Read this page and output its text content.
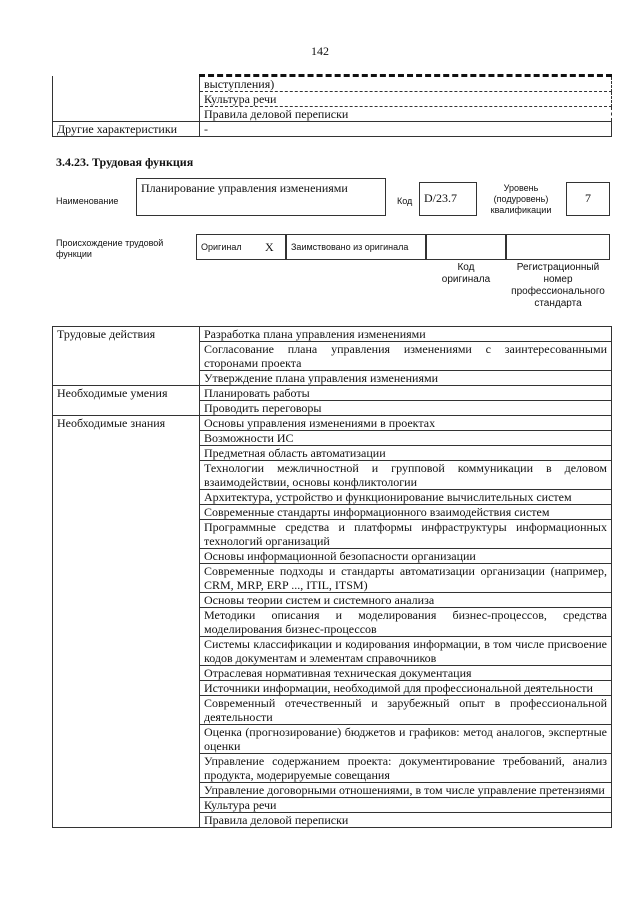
142
	выступления)
	Культура речи
	Правила деловой переписки
Другие характеристики	-
3.4.23. Трудовая функция
Наименование
Планирование управления изменениями
Код D/23.7
Уровень (подуровень) квалификации
7
Происхождение трудовой функции
Оригинал X Заимствовано из оригинала
Код оригинала
Регистрационный номер профессионального стандарта
Трудовые действия	Разработка плана управления изменениями
	Согласование плана управления изменениями с заинтересованными сторонами проекта
	Утверждение плана управления изменениями
Необходимые умения	Планировать работы
	Проводить переговоры
Необходимые знания	Основы управления изменениями в проектах
	Возможности ИС
	Предметная область автоматизации
	Технологии межличностной и групповой коммуникации в деловом взаимодействии, основы конфликтологии
	Архитектура, устройство и функционирование вычислительных систем
	Современные стандарты информационного взаимодействия систем
	Программные средства и платформы инфраструктуры информационных технологий организаций
	Основы информационной безопасности организации
	Современные подходы и стандарты автоматизации организации (например, CRM, MRP, ERP ..., ITIL, ITSM)
	Основы теории систем и системного анализа
	Методики описания и моделирования бизнес-процессов, средства моделирования бизнес-процессов
	Системы классификации и кодирования информации, в том числе присвоение кодов документам и элементам справочников
	Отраслевая нормативная техническая документация
	Источники информации, необходимой для профессиональной деятельности
	Современный отечественный и зарубежный опыт в профессиональной деятельности
	Оценка (прогнозирование) бюджетов и графиков: метод аналогов, экспертные оценки
	Управление содержанием проекта: документирование требований, анализ продукта, модерируемые совещания
	Управление договорными отношениями, в том числе управление претензиями
	Культура речи
	Правила деловой переписки
